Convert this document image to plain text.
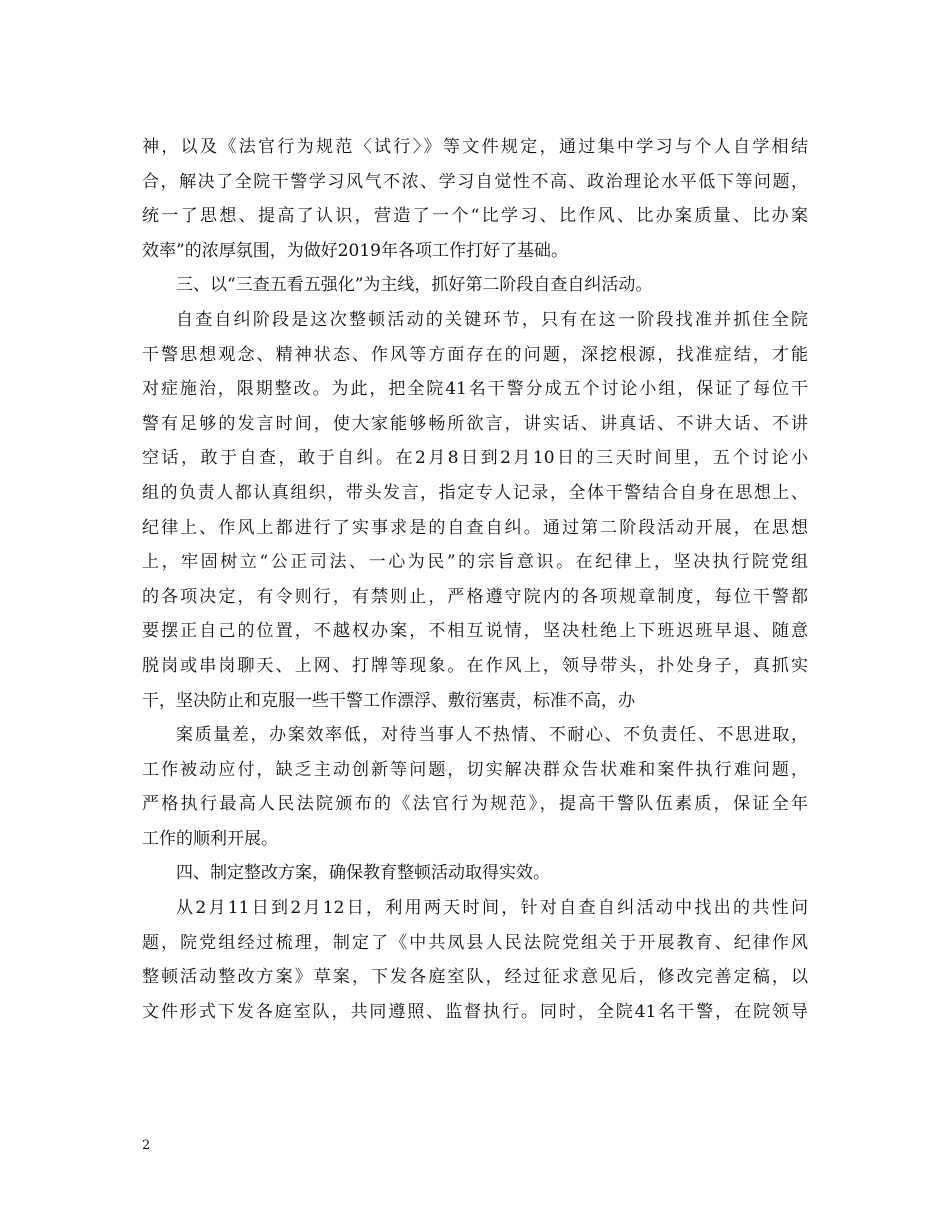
神，以及《法官行为规范〈试行〉》等文件规定，通过集中学习与个人自学相结
合，解决了全院干警学习风气不浓、学习自觉性不高、政治理论水平低下等问题，
统一了思想、提高了认识，营造了一个“比学习、比作风、比办案质量、比办案
效率”的浓厚氛围，为做好2019年各项工作打好了基础。
三、以“三查五看五强化”为主线，抓好第二阶段自查自纠活动。
自查自纠阶段是这次整顿活动的关键环节，只有在这一阶段找准并抓住全院
干警思想观念、精神状态、作风等方面存在的问题，深挖根源，找准症结，才能
对症施治，限期整改。为此，把全院41名干警分成五个讨论小组，保证了每位干
警有足够的发言时间，使大家能够畅所欲言，讲实话、讲真话、不讲大话、不讲
空话，敢于自查，敢于自纠。在2月8日到2月10日的三天时间里，五个讨论小
组的负责人都认真组织，带头发言，指定专人记录，全体干警结合自身在思想上、
纪律上、作风上都进行了实事求是的自查自纠。通过第二阶段活动开展，在思想
上，牢固树立“公正司法、一心为民”的宗旨意识。在纪律上，坚决执行院党组
的各项决定，有令则行，有禁则止，严格遵守院内的各项规章制度，每位干警都
要摆正自己的位置，不越权办案，不相互说情，坚决杜绝上下班迟班早退、随意
脱岗或串岗聊天、上网、打牌等现象。在作风上，领导带头，扑处身子，真抓实
干，坚决防止和克服一些干警工作漂浮、敷衍塞责，标准不高，办
案质量差，办案效率低，对待当事人不热情、不耐心、不负责任、不思进取，
工作被动应付，缺乏主动创新等问题，切实解决群众告状难和案件执行难问题，
严格执行最高人民法院颁布的《法官行为规范》，提高干警队伍素质，保证全年
工作的顺利开展。
四、制定整改方案，确保教育整顿活动取得实效。
从2月11日到2月12日，利用两天时间，针对自查自纠活动中找出的共性问
题，院党组经过梳理，制定了《中共凤县人民法院党组关于开展教育、纪律作风
整顿活动整改方案》草案，下发各庭室队，经过征求意见后，修改完善定稿，以
文件形式下发各庭室队，共同遵照、监督执行。同时，全院41名干警，在院领导
2
